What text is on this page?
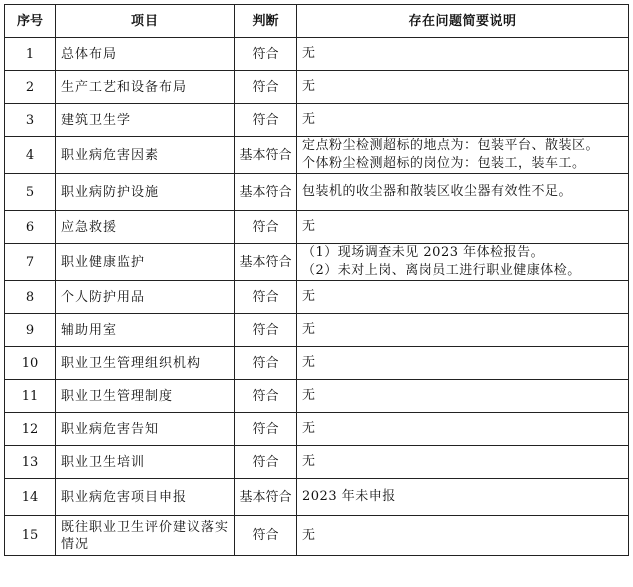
序号	项目	判断	存在问题简要说明
1	总体布局	符合	无

2	生产工艺和设备布局	符合	无

3	建筑卫生学	符合	无

4	职业病危害因素	基本符合	定点粉尘检测超标的地点为：包装平台、散装区。
个体粉尘检测超标的岗位为：包装工，装车工。

5	职业病防护设施	基本符合	包装机的收尘器和散装区收尘器有效性不足。

6	应急救援	符合	无

7	职业健康监护	基本符合	（1）现场调查未见 2023 年体检报告。
（2）未对上岗、离岗员工进行职业健康体检。

8	个人防护用品	符合	无

9	辅助用室	符合	无

10	职业卫生管理组织机构	符合	无

11	职业卫生管理制度	符合	无

12	职业病危害告知	符合	无

13	职业卫生培训	符合	无

14	职业病危害项目申报	基本符合	2023 年未申报

15	既往职业卫生评价建议落实情况	符合	无
